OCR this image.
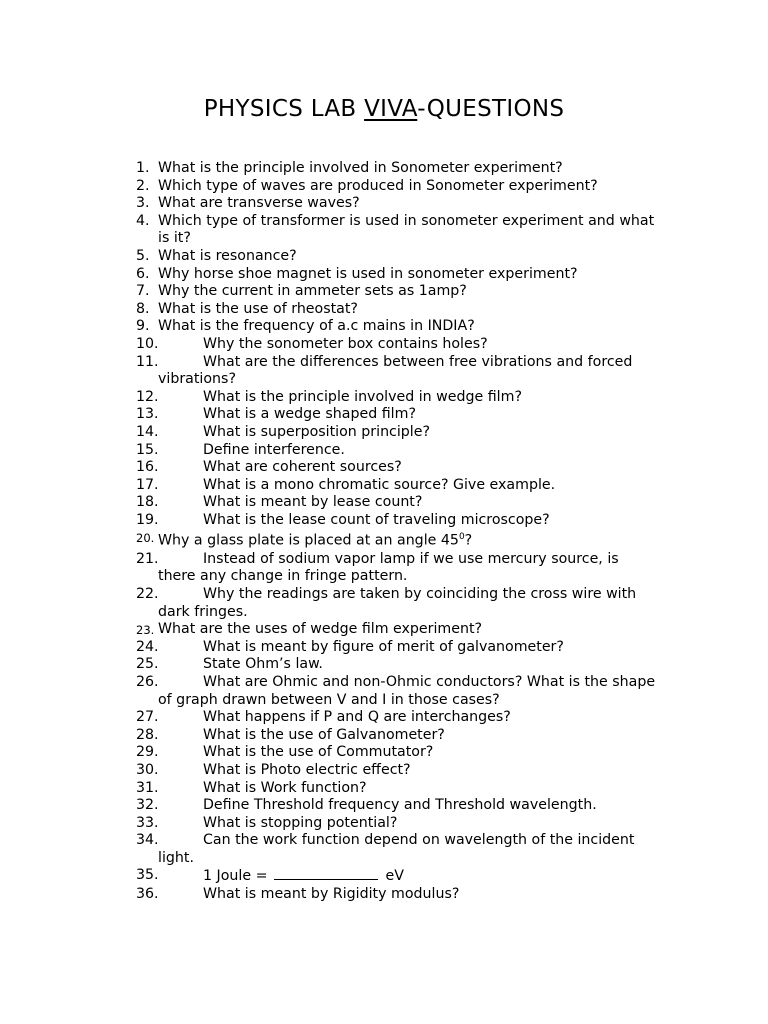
PHYSICS LAB VIVA-QUESTIONS
1. What is the principle involved in Sonometer experiment?
2. Which type of waves are produced in Sonometer experiment?
3. What are transverse waves?
4. Which type of transformer is used in sonometer experiment and what is it?
5. What is resonance?
6. Why horse shoe magnet is used in sonometer experiment?
7. Why the current in ammeter sets as 1amp?
8. What is the use of rheostat?
9. What is the frequency of a.c mains in INDIA?
10.	Why the sonometer box contains holes?
11.	What are the differences between free vibrations and forced vibrations?
12.	What is the principle involved in wedge film?
13.	What is a wedge shaped film?
14.	What is superposition principle?
15.	Define interference.
16.	What are coherent sources?
17.	What is a mono chromatic source? Give example.
18.	What is meant by lease count?
19.	What is the lease count of traveling microscope?
20. Why a glass plate is placed at an angle $45^0$?
21.	Instead of sodium vapor lamp if we use mercury source, is there any change in fringe pattern.
22.	Why the readings are taken by coinciding the cross wire with dark fringes.
23. What are the uses of wedge film experiment?
24.	What is meant by figure of merit of galvanometer?
25.	State Ohm’s law.
26.	What are Ohmic and non-Ohmic conductors? What is the shape of graph drawn between V and I in those cases?
27.	What happens if P and Q are interchanges?
28.	What is the use of Galvanometer?
29.	What is the use of Commutator?
30.	What is Photo electric effect?
31.	What is Work function?
32.	Define Threshold frequency and Threshold wavelength.
33.	What is stopping potential?
34.	Can the work function depend on wavelength of the incident light.
35.	1 Joule =	eV
36.	What is meant by Rigidity modulus?
